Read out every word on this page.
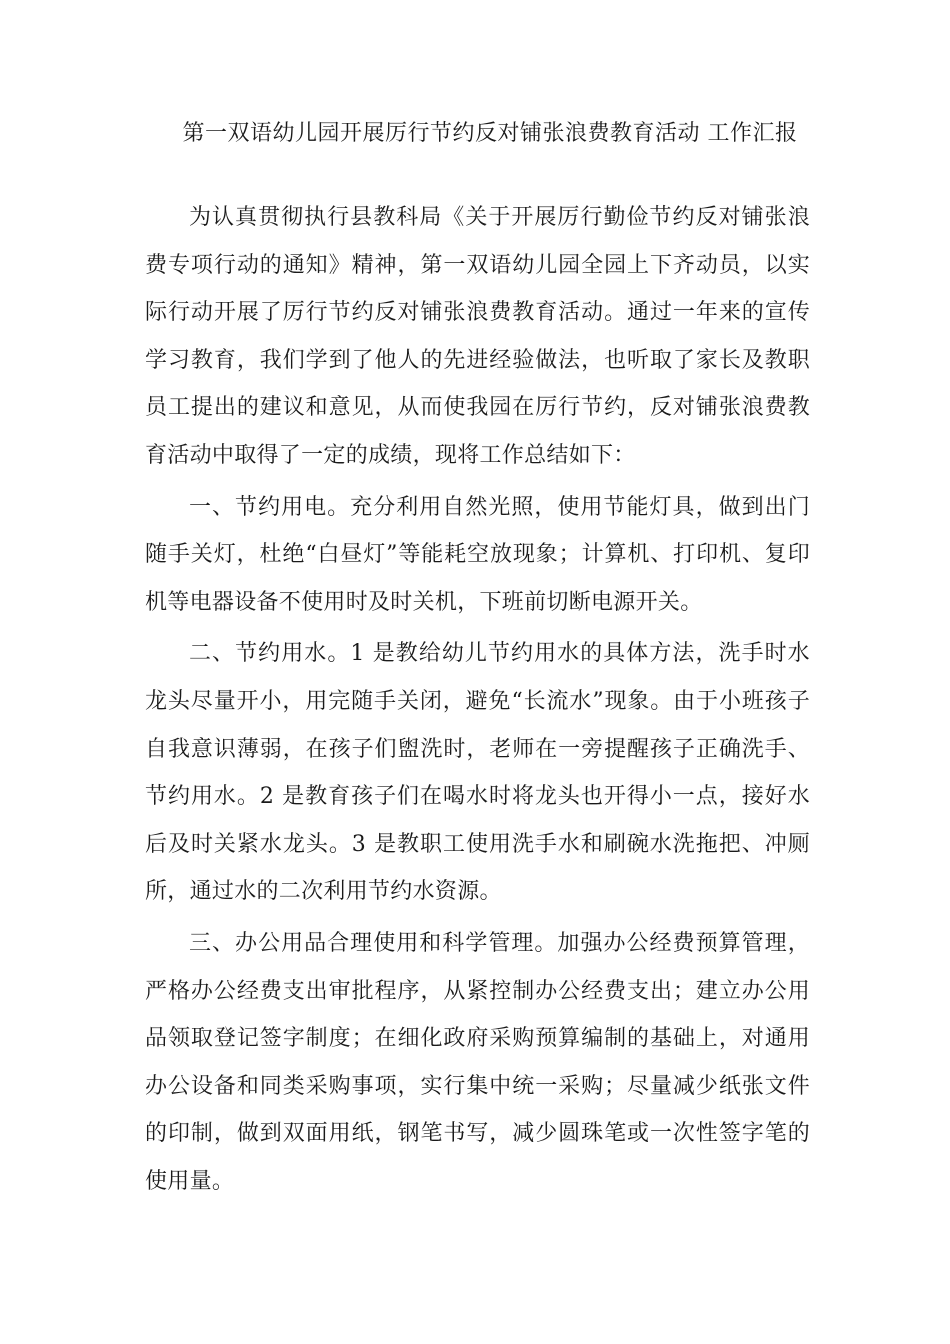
第一双语幼儿园开展厉行节约反对铺张浪费教育活动 工作汇报

为认真贯彻执行县教科局《关于开展厉行勤俭节约反对铺张浪费专项行动的通知》精神，第一双语幼儿园全园上下齐动员，以实际行动开展了厉行节约反对铺张浪费教育活动。通过一年来的宣传学习教育，我们学到了他人的先进经验做法，也听取了家长及教职员工提出的建议和意见，从而使我园在厉行节约，反对铺张浪费教育活动中取得了一定的成绩，现将工作总结如下：

一、节约用电。充分利用自然光照，使用节能灯具，做到出门随手关灯，杜绝“白昼灯”等能耗空放现象；计算机、打印机、复印机等电器设备不使用时及时关机，下班前切断电源开关。

二、节约用水。1 是教给幼儿节约用水的具体方法，洗手时水龙头尽量开小，用完随手关闭，避免“长流水”现象。由于小班孩子自我意识薄弱，在孩子们盥洗时，老师在一旁提醒孩子正确洗手、节约用水。2 是教育孩子们在喝水时将龙头也开得小一点，接好水后及时关紧水龙头。3 是教职工使用洗手水和刷碗水洗拖把、冲厕所，通过水的二次利用节约水资源。

三、办公用品合理使用和科学管理。加强办公经费预算管理，严格办公经费支出审批程序，从紧控制办公经费支出；建立办公用品领取登记签字制度；在细化政府采购预算编制的基础上，对通用办公设备和同类采购事项，实行集中统一采购；尽量减少纸张文件的印制，做到双面用纸，钢笔书写，减少圆珠笔或一次性签字笔的使用量。
